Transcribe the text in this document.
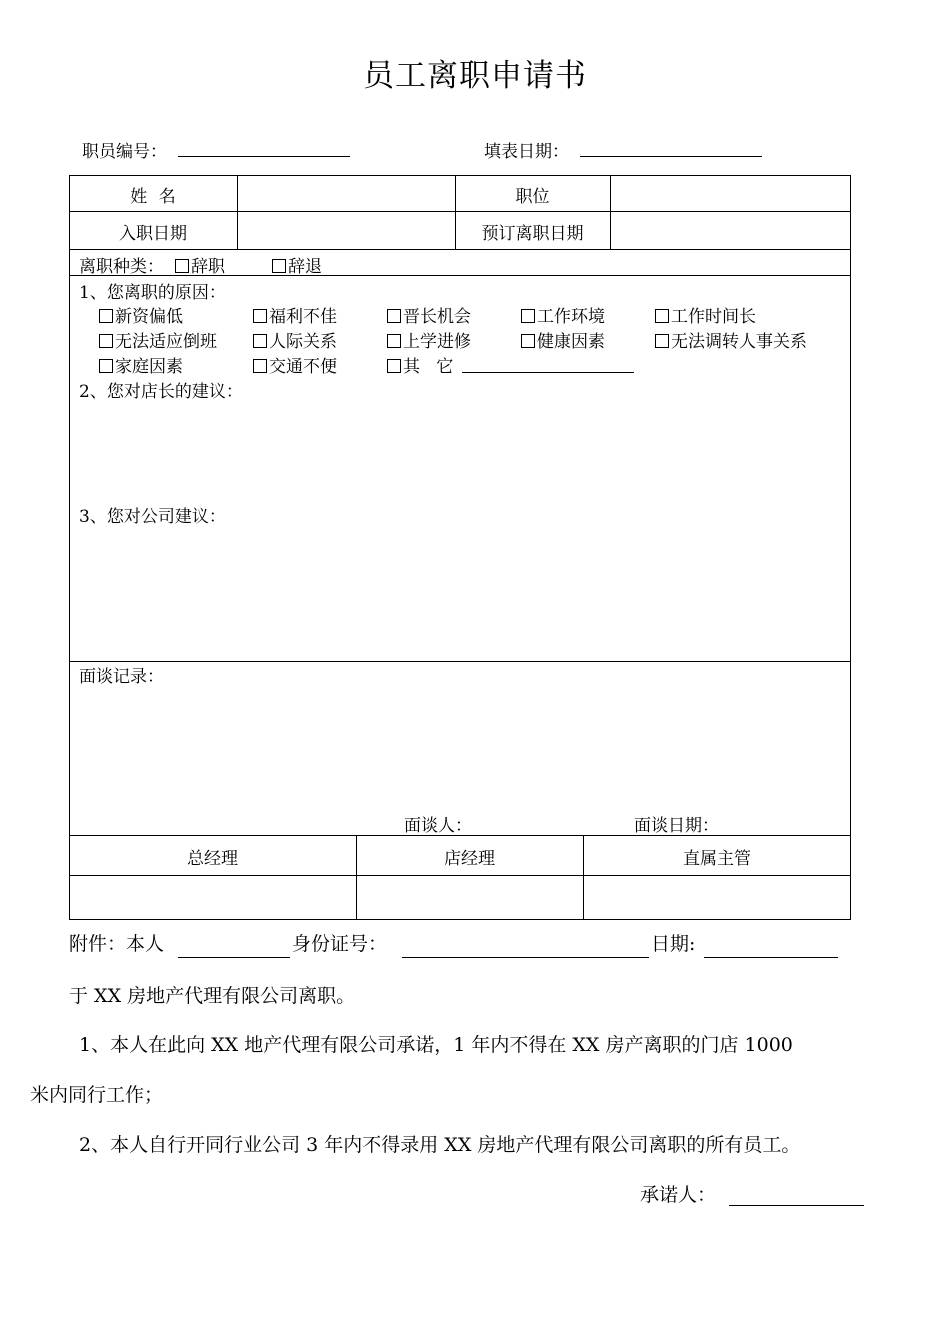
员工离职申请书
职员编号：	填表日期：
姓 名	职位
入职日期	预订离职日期
离职种类：	辞职	辞退
1、您离职的原因：
新资偏低	福利不佳	晋长机会	工作环境	工作时间长
无法适应倒班	人际关系	上学进修	健康因素	无法调转人事关系
家庭因素	交通不便	其   它
2、您对店长的建议：
3、您对公司建议：
面谈记录：
面谈人：	面谈日期：
总经理	店经理	直属主管
附件：本人	身份证号：	日期:
于 XX 房地产代理有限公司离职。
1、本人在此向 XX 地产代理有限公司承诺，1 年内不得在 XX 房产离职的门店 1000
米内同行工作；
2、本人自行开同行业公司 3 年内不得录用 XX 房地产代理有限公司离职的所有员工。
承诺人：
